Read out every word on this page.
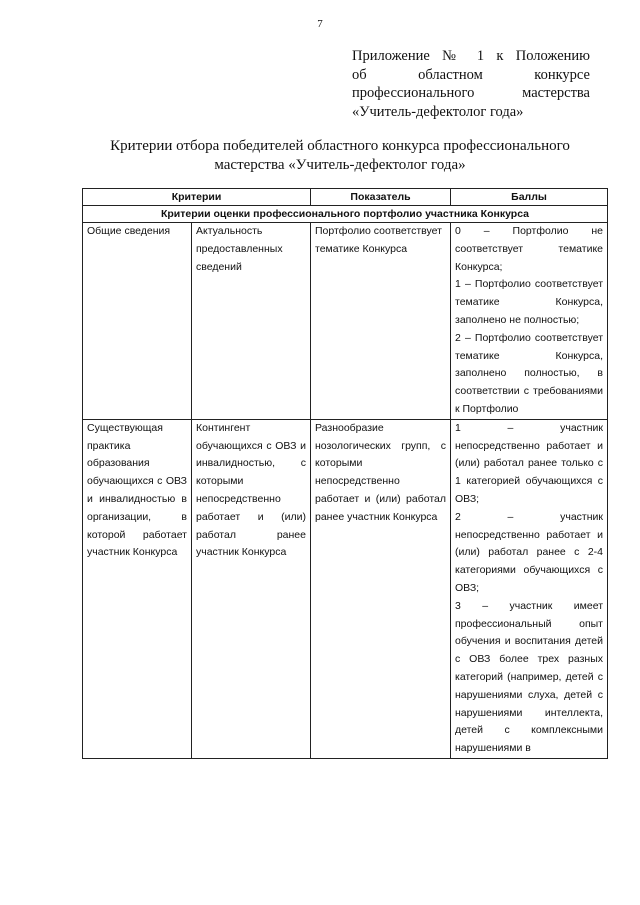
7
Приложение № 1 к Положению
об областном конкурсе
профессионального мастерства
«Учитель-дефектолог года»
Критерии отбора победителей областного конкурса профессионального
мастерства «Учитель-дефектолог года»
Критерии		Показатель	Баллы
Критерии оценки профессионального портфолио участника Конкурса			
Общие сведения	Актуальность предоставленных сведений	Портфолио соответствует тематике Конкурса	0 – Портфолио не соответствует тематике Конкурса;
1 – Портфолио соответствует тематике Конкурса, заполнено не полностью;
2 – Портфолио соответствует тематике Конкурса, заполнено полностью, в соответствии с требованиями к Портфолио

Существующая практика образования обучающихся с ОВЗ и инвалидностью в организации, в которой работает участник Конкурса	Контингент обучающихся с ОВЗ и инвалидностью, с которыми непосредственно работает и (или) работал ранее участник Конкурса	Разнообразие нозологических групп, с которыми непосредственно работает и (или) работал ранее участник Конкурса	1 – участник непосредственно работает и (или) работал ранее только с 1 категорией обучающихся с ОВЗ;
2 – участник непосредственно работает и (или) работал ранее с 2-4 категориями обучающихся с ОВЗ;
3 – участник имеет профессиональный опыт обучения и воспитания детей с ОВЗ более трех разных категорий (например, детей с нарушениями слуха, детей с нарушениями интеллекта, детей с комплексными нарушениями в
